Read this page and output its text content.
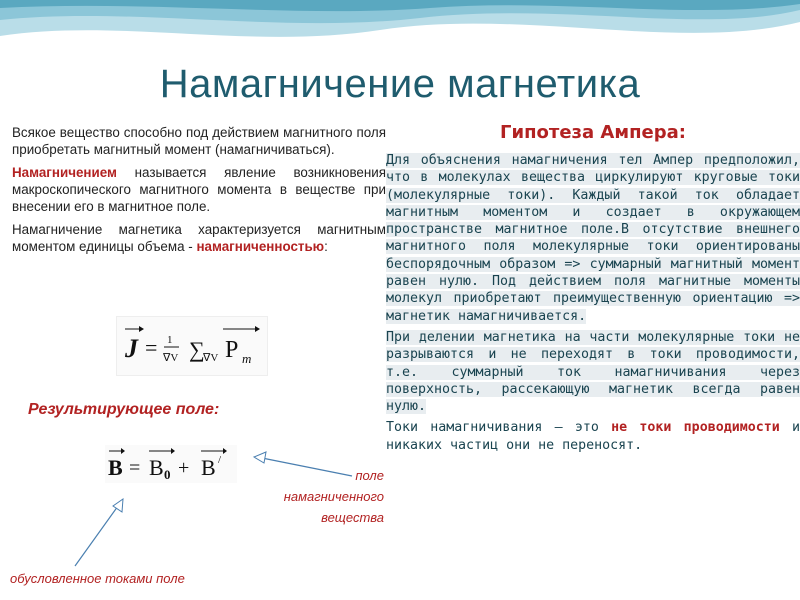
Намагничение магнетика

Всякое вещество способно под действием магнитного поля приобретать магнитный момент (намагничиваться).

Намагничением называется явление возникновения макроскопического магнитного момента в веществе при внесении его в магнитное поле.

Намагничение магнетика характеризуется магнитным моментом единицы объема - намагниченностью:

J = 1
∇V ∑
∇V P m
Результирующее поле:
B = B 0 + B /
поле
намагниченного
вещества
обусловленное токами поле
Гипотеза Ампера:

Для объяснения намагничения тел Ампер предположил, что в молекулах вещества циркулируют круговые токи (молекулярные токи). Каждый такой ток обладает магнитным моментом и создает в окружающем пространстве магнитное поле.В отсутствие внешнего магнитного поля молекулярные токи ориентированы беспорядочным образом => суммарный магнитный момент равен нулю. Под действием поля магнитные моменты молекул приобретают преимущественную ориентацию => магнетик намагничивается.

При делении магнетика на части молекулярные токи не разрываются и не переходят в токи проводимости, т.е. суммарный ток намагничивания через поверхность, рассекающую магнетик всегда равен нулю.

Токи намагничивания – это не токи проводимости и никаких частиц они не переносят.
